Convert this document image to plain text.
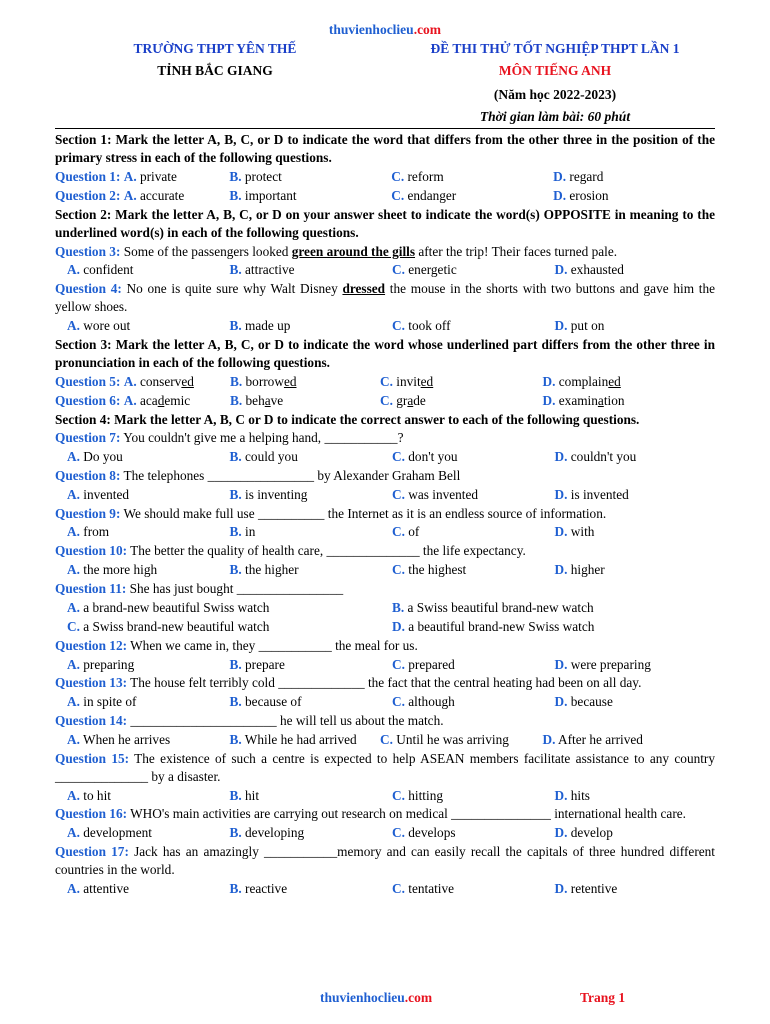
thuvienhoclieu.com
TRƯỜNG THPT YÊN THẾ
TỈNH BẮC GIANG
ĐỀ THI THỬ TỐT NGHIỆP THPT LẦN 1
MÔN TIẾNG ANH
(Năm học 2022-2023)
Thời gian làm bài: 60 phút

Section 1: Mark the letter A, B, C, or D to indicate the word that differs from the other three in the position of the primary stress in each of the following questions.

Question 1: A. private	B. protect	C. reform	D. regard
Question 2: A. accurate	B. important	C. endanger	D. erosion

Section 2: Mark the letter A, B, C, or D on your answer sheet to indicate the word(s) OPPOSITE in meaning to the underlined word(s) in each of the following questions.

Question 3: Some of the passengers looked green around the gills after the trip! Their faces turned pale.

A. confident	B. attractive	C. energetic	D. exhausted

Question 4: No one is quite sure why Walt Disney dressed the mouse in the shorts with two buttons and gave him the yellow shoes.

A. wore out	B. made up	C. took off	D. put on

Section 3: Mark the letter A, B, C, or D to indicate the word whose underlined part differs from the other three in pronunciation in each of the following questions.

Question 5: A. conserved	B. borrowed	C. invited	D. complained
Question 6: A. academic	B. behave	C. grade	D. examination

Section 4: Mark the letter A, B, C or D to indicate the correct answer to each of the following questions.

Question 7: You couldn't give me a helping hand, ___________?

A. Do you	B. could you	C. don't you	D. couldn't you

Question 8: The telephones ________________ by Alexander Graham Bell

A. invented	B. is inventing	C. was invented	D. is invented

Question 9: We should make full use __________ the Internet as it is an endless source of information.

A. from	B. in	C. of	D. with

Question 10: The better the quality of health care, ______________ the life expectancy.

A. the more high	B. the higher	C. the highest	D. higher

Question 11: She has just bought ________________

A. a brand-new beautiful Swiss watch	B. a Swiss beautiful brand-new watch
C. a Swiss brand-new beautiful watch	D. a beautiful brand-new Swiss watch

Question 12: When we came in, they ___________ the meal for us.

A. preparing	B. prepare	C. prepared	D. were preparing

Question 13: The house felt terribly cold _____________ the fact that the central heating had been on all day.

A. in spite of	B. because of	C. although	D. because

Question 14: ______________________ he will tell us about the match.

A. When he arrives	B. While he had arrived	C. Until he was arriving	D. After he arrived

Question 15: The existence of such a centre is expected to help ASEAN members facilitate assistance to any country ______________ by a disaster.

A. to hit	B. hit	C. hitting	D. hits

Question 16: WHO's main activities are carrying out research on medical _______________ international health care.

A. development	B. developing	C. develops	D. develop

Question 17: Jack has an amazingly ___________memory and can easily recall the capitals of three hundred different countries in the world.

A. attentive	B. reactive	C. tentative	D. retentive
thuvienhoclieu.com	Trang 1
